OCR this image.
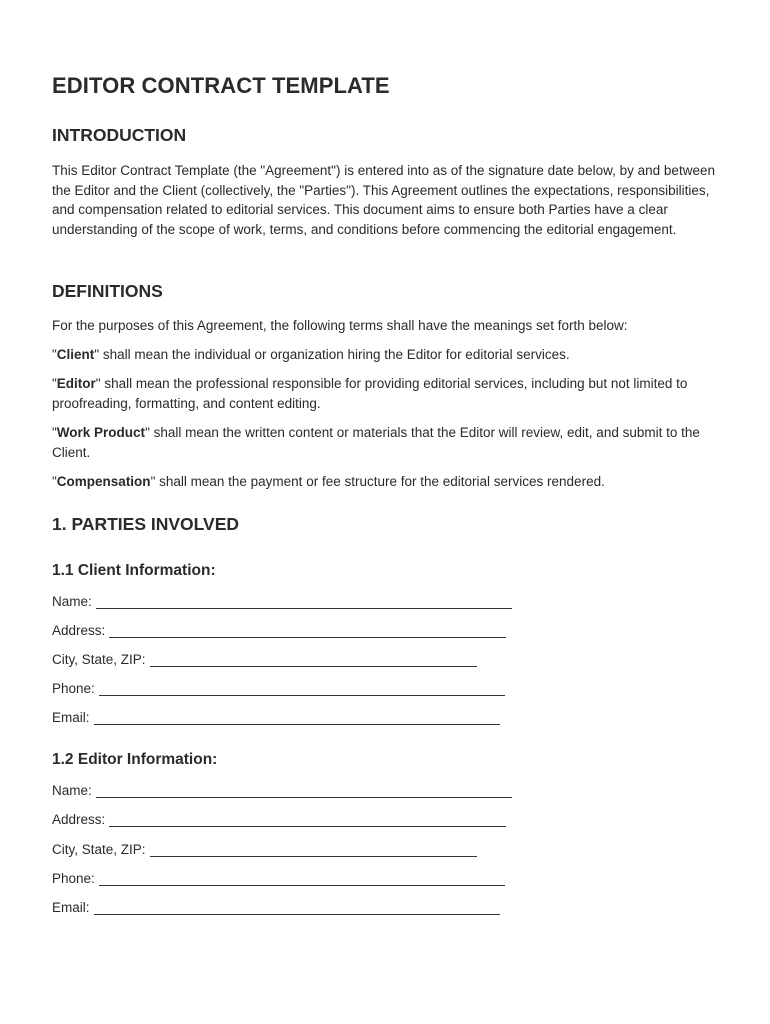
EDITOR CONTRACT TEMPLATE
INTRODUCTION

This Editor Contract Template (the "Agreement") is entered into as of the signature date below, by and between the Editor and the Client (collectively, the "Parties"). This Agreement outlines the expectations, responsibilities, and compensation related to editorial services. This document aims to ensure both Parties have a clear understanding of the scope of work, terms, and conditions before commencing the editorial engagement.

DEFINITIONS

For the purposes of this Agreement, the following terms shall have the meanings set forth below:

"Client" shall mean the individual or organization hiring the Editor for editorial services.

"Editor" shall mean the professional responsible for providing editorial services, including but not limited to proofreading, formatting, and content editing.

"Work Product" shall mean the written content or materials that the Editor will review, edit, and submit to the Client.

"Compensation" shall mean the payment or fee structure for the editorial services rendered.

1. PARTIES INVOLVED
1.1 Client Information:
Name:
Address:
City, State, ZIP:
Phone:
Email:
1.2 Editor Information:
Name:
Address:
City, State, ZIP:
Phone:
Email:
